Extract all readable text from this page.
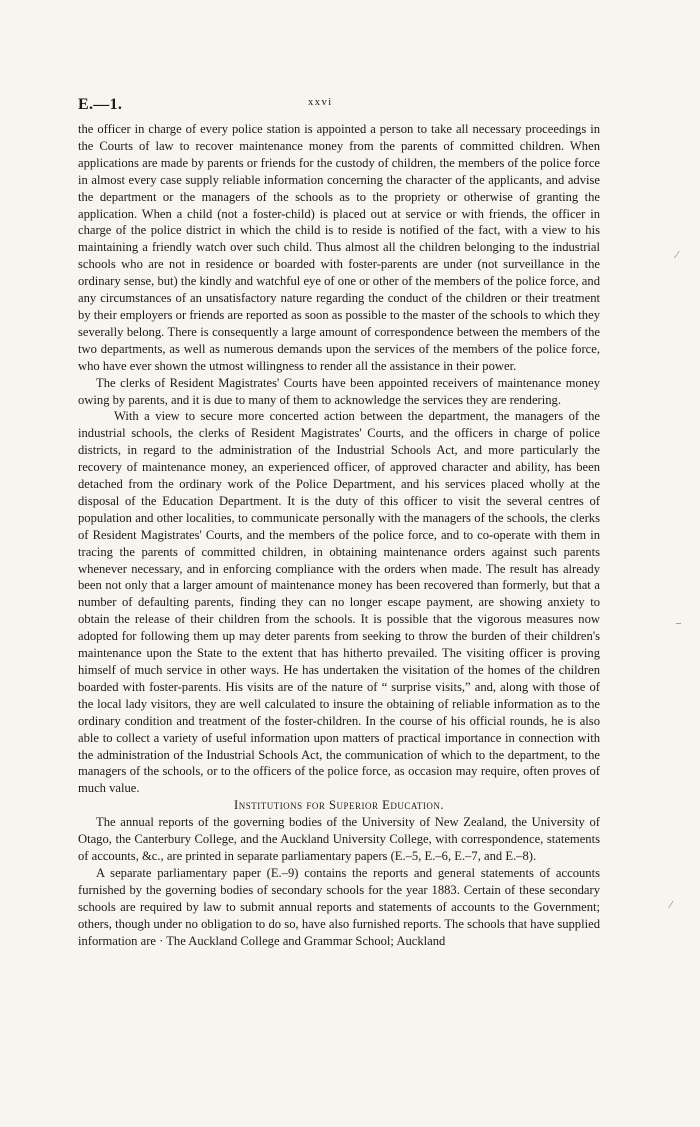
E.—1.	xxvi

the officer in charge of every police station is appointed a person to take all necessary proceedings in the Courts of law to recover maintenance money from the parents of committed children. When applications are made by parents or friends for the custody of children, the members of the police force in almost every case supply reliable information concerning the character of the applicants, and advise the department or the managers of the schools as to the propriety or otherwise of granting the application. When a child (not a foster-child) is placed out at service or with friends, the officer in charge of the police district in which the child is to reside is notified of the fact, with a view to his maintaining a friendly watch over such child. Thus almost all the children belonging to the industrial schools who are not in residence or boarded with foster-parents are under (not surveillance in the ordinary sense, but) the kindly and watchful eye of one or other of the members of the police force, and any circumstances of an unsatisfactory nature regarding the conduct of the children or their treatment by their employers or friends are reported as soon as possible to the master of the schools to which they severally belong. There is consequently a large amount of correspondence between the members of the two departments, as well as numerous demands upon the services of the members of the police force, who have ever shown the utmost willingness to render all the assistance in their power.

The clerks of Resident Magistrates' Courts have been appointed receivers of maintenance money owing by parents, and it is due to many of them to acknowledge the services they are rendering.

With a view to secure more concerted action between the department, the managers of the industrial schools, the clerks of Resident Magistrates' Courts, and the officers in charge of police districts, in regard to the administration of the Industrial Schools Act, and more particularly the recovery of maintenance money, an experienced officer, of approved character and ability, has been detached from the ordinary work of the Police Department, and his services placed wholly at the disposal of the Education Department. It is the duty of this officer to visit the several centres of population and other localities, to communicate personally with the managers of the schools, the clerks of Resident Magistrates' Courts, and the members of the police force, and to co-operate with them in tracing the parents of committed children, in obtaining maintenance orders against such parents whenever necessary, and in enforcing compliance with the orders when made. The result has already been not only that a larger amount of maintenance money has been recovered than formerly, but that a number of defaulting parents, finding they can no longer escape payment, are showing anxiety to obtain the release of their children from the schools. It is possible that the vigorous measures now adopted for following them up may deter parents from seeking to throw the burden of their children's maintenance upon the State to the extent that has hitherto prevailed. The visiting officer is proving himself of much service in other ways. He has undertaken the visitation of the homes of the children boarded with foster-parents. His visits are of the nature of “ surprise visits,” and, along with those of the local lady visitors, they are well calculated to insure the obtaining of reliable information as to the ordinary condition and treatment of the foster-children. In the course of his official rounds, he is also able to collect a variety of useful information upon matters of practical importance in connection with the administration of the Industrial Schools Act, the communication of which to the department, to the managers of the schools, or to the officers of the police force, as occasion may require, often proves of much value.

Institutions for Superior Education.

The annual reports of the governing bodies of the University of New Zealand, the University of Otago, the Canterbury College, and the Auckland University College, with correspondence, statements of accounts, &c., are printed in separate parliamentary papers (E.–5, E.–6, E.–7, and E.–8).

A separate parliamentary paper (E.–9) contains the reports and general statements of accounts furnished by the governing bodies of secondary schools for the year 1883. Certain of these secondary schools are required by law to submit annual reports and statements of accounts to the Government; others, though under no obligation to do so, have also furnished reports. The schools that have supplied information are · The Auckland College and Grammar School; Auckland

⁄
–
⁄
